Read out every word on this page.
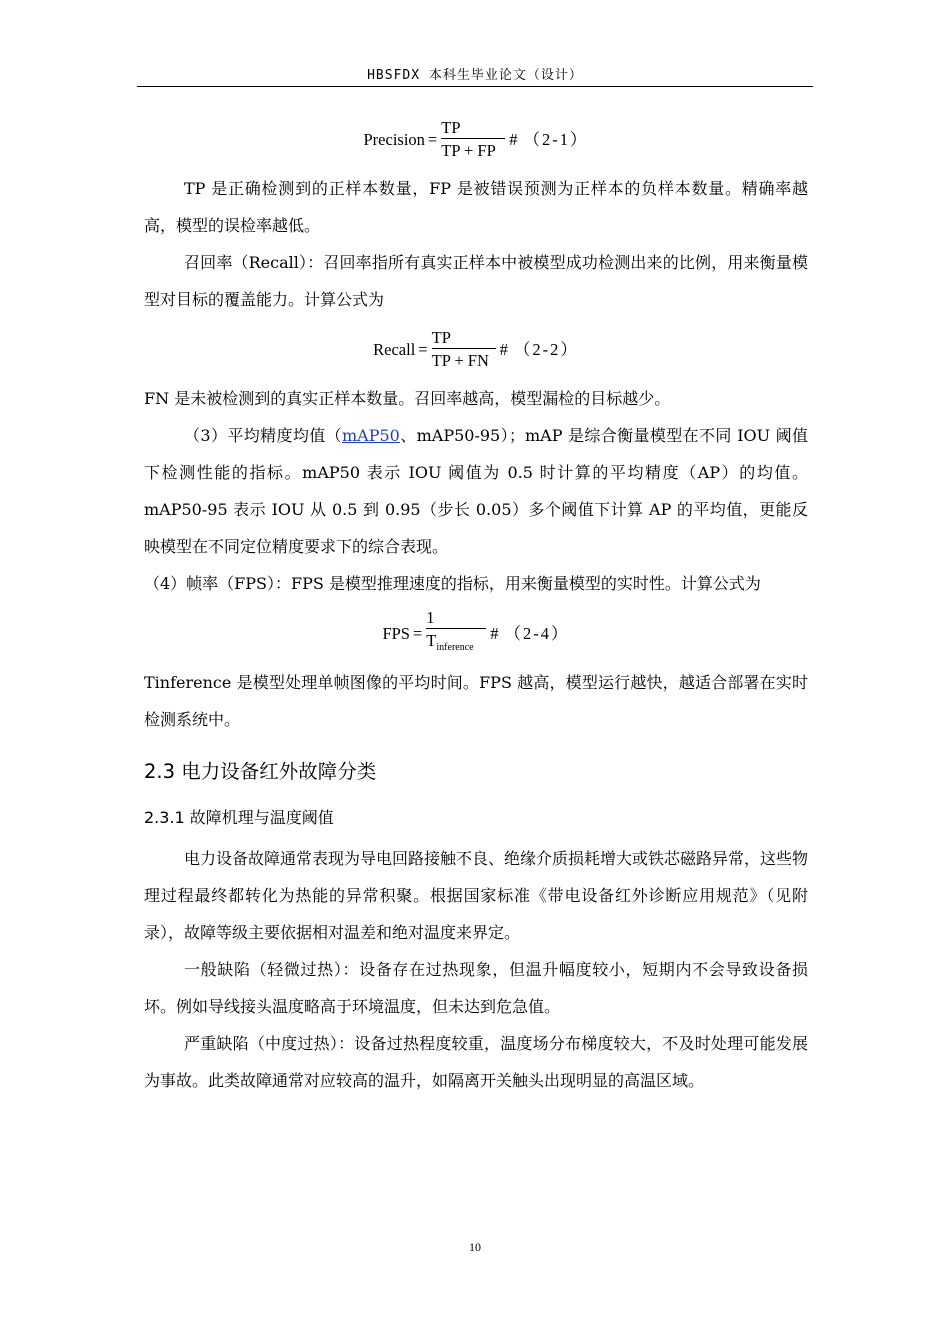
HBSFDX 本科生毕业论文（设计）
Precision = $\frac{TP}{TP + FP}$ # （2-1）

TP 是正确检测到的正样本数量，FP 是被错误预测为正样本的负样本数量。精确率越高，模型的误检率越低。

召回率（Recall）：召回率指所有真实正样本中被模型成功检测出来的比例，用来衡量模型对目标的覆盖能力。计算公式为

Recall = $\frac{TP}{TP + FN}$ # （2-2）

FN 是未被检测到的真实正样本数量。召回率越高，模型漏检的目标越少。

（3）平均精度均值（mAP50、mAP50-95）；mAP 是综合衡量模型在不同 IOU 阈值下检测性能的指标。mAP50 表示 IOU 阈值为 0.5 时计算的平均精度（AP）的均值。mAP50-95 表示 IOU 从 0.5 到 0.95（步长 0.05）多个阈值下计算 AP 的平均值，更能反映模型在不同定位精度要求下的综合表现。

（4）帧率（FPS）：FPS 是模型推理速度的指标，用来衡量模型的实时性。计算公式为

FPS = $\frac{1}{T_{inference}}$ # （2-4）

Tinference 是模型处理单帧图像的平均时间。FPS 越高，模型运行越快，越适合部署在实时检测系统中。

2.3 电力设备红外故障分类
2.3.1 故障机理与温度阈值

电力设备故障通常表现为导电回路接触不良、绝缘介质损耗增大或铁芯磁路异常，这些物理过程最终都转化为热能的异常积聚。根据国家标准《带电设备红外诊断应用规范》（见附录），故障等级主要依据相对温差和绝对温度来界定。

一般缺陷（轻微过热）：设备存在过热现象，但温升幅度较小，短期内不会导致设备损坏。例如导线接头温度略高于环境温度，但未达到危急值。

严重缺陷（中度过热）：设备过热程度较重，温度场分布梯度较大，不及时处理可能发展为事故。此类故障通常对应较高的温升，如隔离开关触头出现明显的高温区域。

10
